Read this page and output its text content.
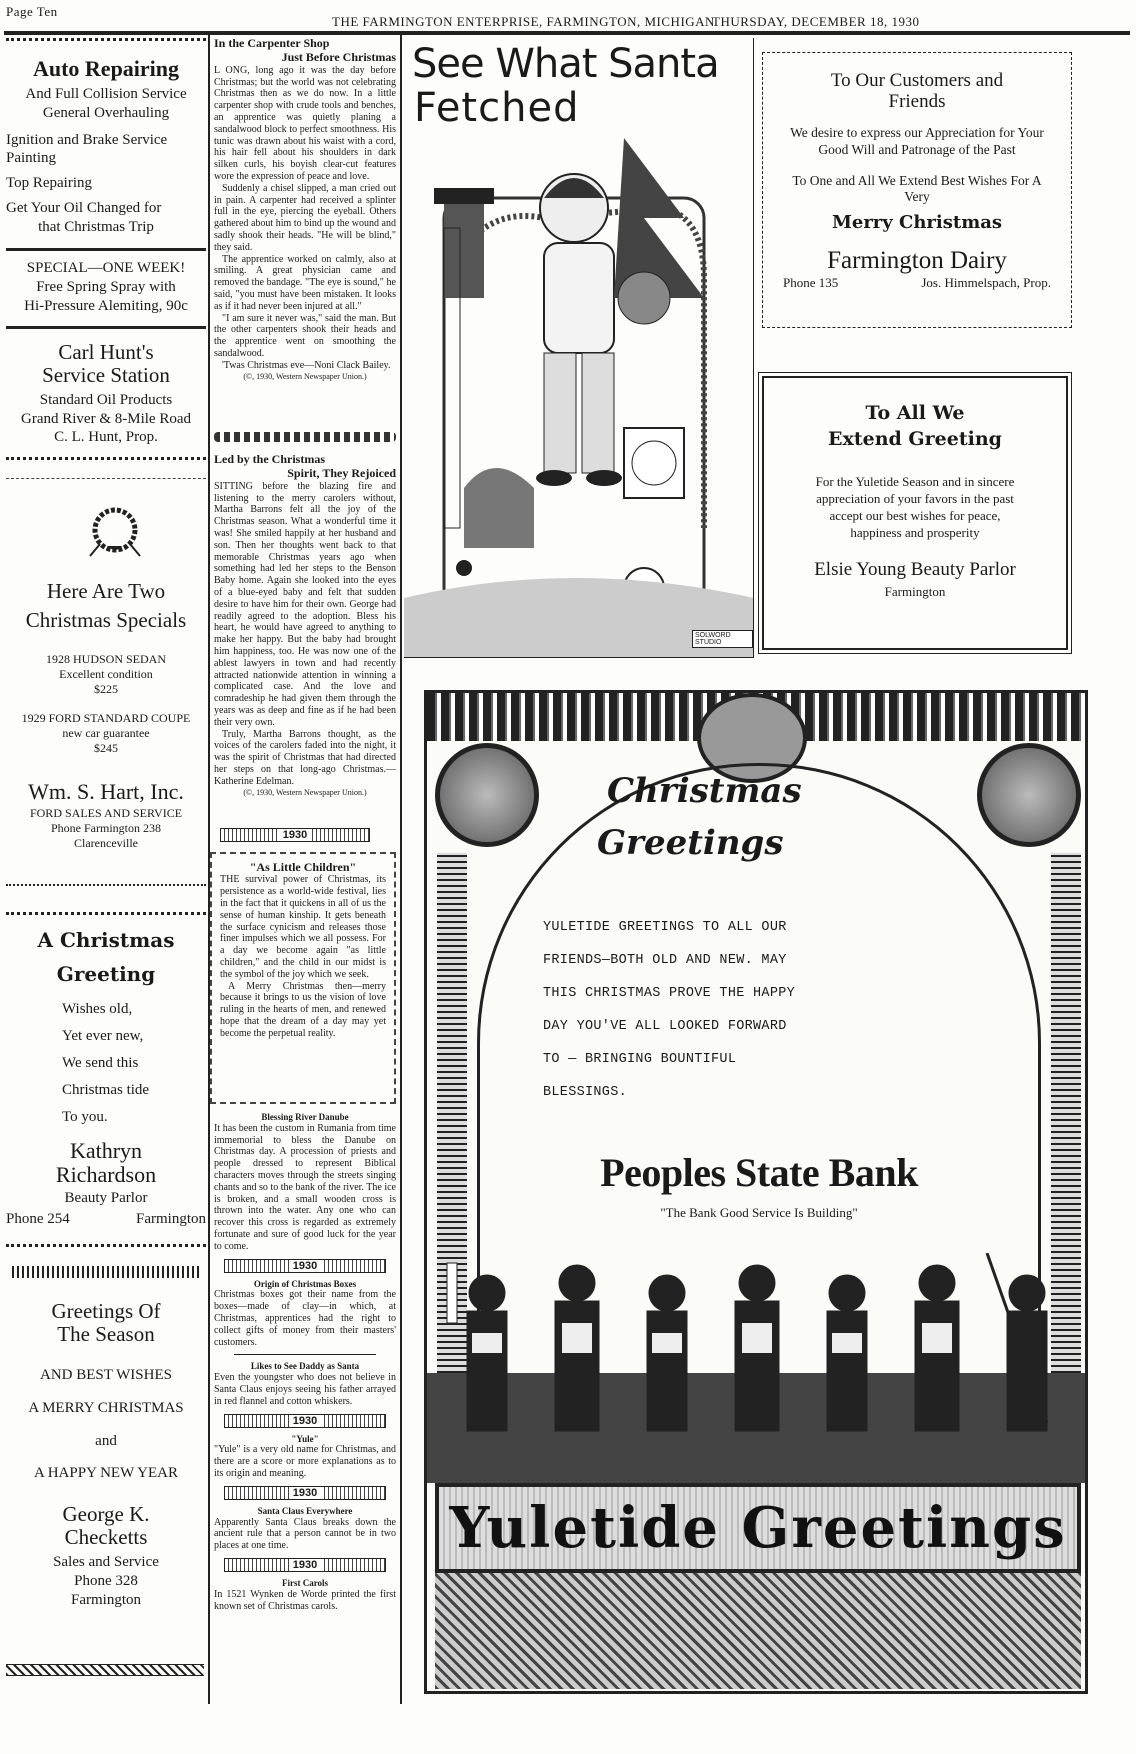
Page Ten
THE FARMINGTON ENTERPRISE, FARMINGTON, MICHIGAN
THURSDAY, DECEMBER 18, 1930
Auto Repairing
And Full Collision Service
General Overhauling
Ignition and Brake Service
Painting
Top Repairing
Get Your Oil Changed for
that Christmas Trip
SPECIAL—ONE WEEK!
Free Spring Spray with
Hi-Pressure Alemiting, 90c
Carl Hunt's
Service Station
Standard Oil Products
Grand River & 8-Mile Road
C. L. Hunt, Prop.
Here Are Two
Christmas Specials
1928 HUDSON SEDAN
Excellent condition
$225
1929 FORD STANDARD COUPE
new car guarantee
$245
Wm. S. Hart, Inc.
FORD SALES AND SERVICE
Phone Farmington 238
Clarenceville
A Christmas
Greeting
Wishes old,
Yet ever new,
We send this
Christmas tide
To you.
Kathryn
Richardson
Beauty Parlor
Phone 254	Farmington
Greetings Of
The Season
AND BEST WISHES
A MERRY CHRISTMAS
and
A HAPPY NEW YEAR
George K.
Checketts
Sales and Service
Phone 328
Farmington
In the Carpenter Shop
Just Before Christmas

L ONG, long ago it was the day before Christmas; but the world was not celebrating Christmas then as we do now. In a little carpenter shop with crude tools and benches, an apprentice was quietly planing a sandalwood block to perfect smoothness. His tunic was drawn about his waist with a cord, his hair fell about his shoulders in dark silken curls, his boyish clear-cut features wore the expression of peace and love.

Suddenly a chisel slipped, a man cried out in pain. A carpenter had received a splinter full in the eye, piercing the eyeball. Others gathered about him to bind up the wound and sadly shook their heads. "He will be blind," they said.

The apprentice worked on calmly, also at smiling. A great physician came and removed the bandage. "The eye is sound," he said, "you must have been mistaken. It looks as if it had never been injured at all."

"I am sure it never was," said the man. But the other carpenters shook their heads and the apprentice went on smoothing the sandalwood.

'Twas Christmas eve—Noni Clack Bailey.

(©, 1930, Western Newspaper Union.)
Led by the Christmas
Spirit, They Rejoiced

SITTING before the blazing fire and listening to the merry carolers without, Martha Barrons felt all the joy of the Christmas season. What a wonderful time it was! She smiled happily at her husband and son. Then her thoughts went back to that memorable Christmas years ago when something had led her steps to the Benson Baby home. Again she looked into the eyes of a blue-eyed baby and felt that sudden desire to have him for their own. George had readily agreed to the adoption. Bless his heart, he would have agreed to anything to make her happy. But the baby had brought him happiness, too. He was now one of the ablest lawyers in town and had recently attracted nationwide attention in winning a complicated case. And the love and comradeship he had given them through the years was as deep and fine as if he had been their very own.

Truly, Martha Barrons thought, as the voices of the carolers faded into the night, it was the spirit of Christmas that had directed her steps on that long-ago Christmas.—Katherine Edelman.

(©, 1930, Western Newspaper Union.)
1930
"As Little Children"

THE survival power of Christmas, its persistence as a world-wide festival, lies in the fact that it quickens in all of us the sense of human kinship. It gets beneath the surface cynicism and releases those finer impulses which we all possess. For a day we become again "as little children," and the child in our midst is the symbol of the joy which we seek.

A Merry Christmas then—merry because it brings to us the vision of love ruling in the hearts of men, and renewed hope that the dream of a day may yet become the perpetual reality.

Blessing River Danube

It has been the custom in Rumania from time immemorial to bless the Danube on Christmas day. A procession of priests and people dressed to represent Biblical characters moves through the streets singing chants and so to the bank of the river. The ice is broken, and a small wooden cross is thrown into the water. Any one who can recover this cross is regarded as extremely fortunate and sure of good luck for the year to come.

1930
Origin of Christmas Boxes

Christmas boxes got their name from the boxes—made of clay—in which, at Christmas, apprentices had the right to collect gifts of money from their masters' customers.

Likes to See Daddy as Santa

Even the youngster who does not believe in Santa Claus enjoys seeing his father arrayed in red flannel and cotton whiskers.

1930
"Yule"

"Yule" is a very old name for Christmas, and there are a score or more explanations as to its origin and meaning.

1930
Santa Claus Everywhere

Apparently Santa Claus breaks down the ancient rule that a person cannot be in two places at one time.

1930
First Carols

In 1521 Wynken de Worde printed the first known set of Christmas carols.

See What Santa
Fetched
SOLWORD STUDIO
To Our Customers and
Friends
We desire to express our Appreciation for Your Good Will and Patronage of the Past
To One and All We Extend Best Wishes For A Very
Merry Christmas
Farmington Dairy
Phone 135	Jos. Himmelspach, Prop.
To All We
Extend Greeting
For the Yuletide Season and in sincere appreciation of your favors in the past accept our best wishes for peace, happiness and prosperity
Elsie Young Beauty Parlor
Farmington
Christmas
Greetings
YULETIDE GREETINGS TO ALL OUR FRIENDS—BOTH OLD AND NEW. MAY THIS CHRISTMAS PROVE THE HAPPY DAY YOU'VE ALL LOOKED FORWARD TO — BRINGING BOUNTIFUL BLESSINGS.
Peoples State Bank
"The Bank Good Service Is Building"
Yuletide Greetings
